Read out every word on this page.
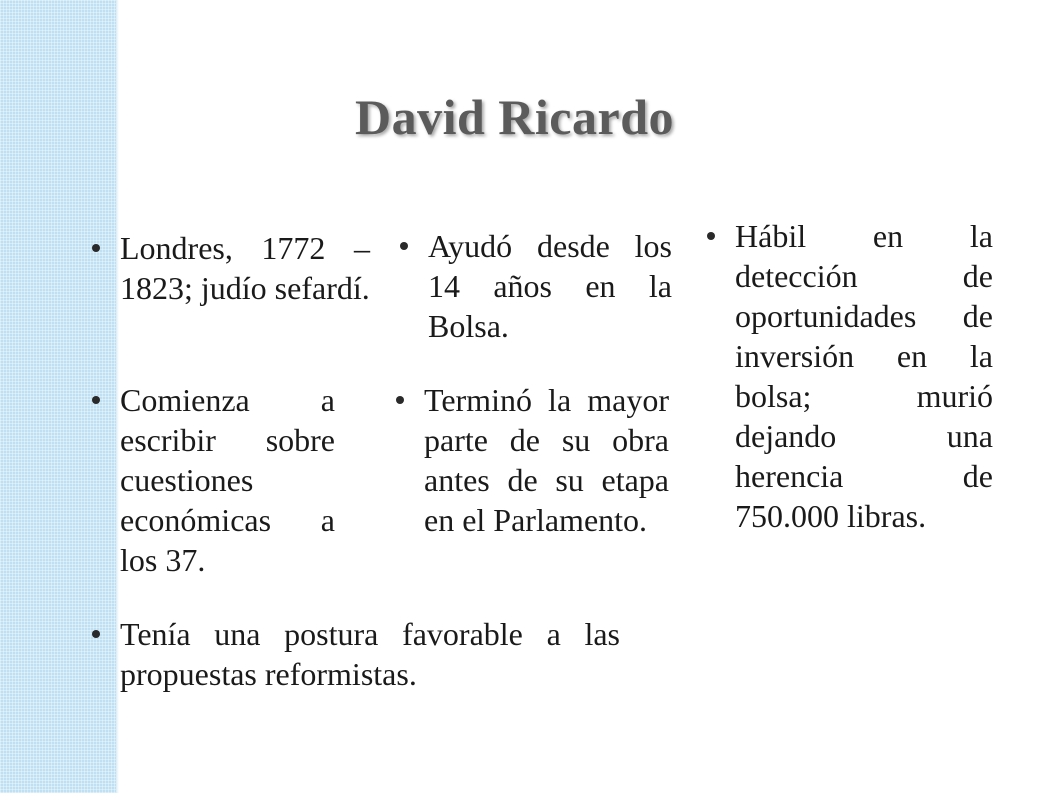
David Ricardo
Londres, 1772 – 1823; judío sefardí.
Ayudó desde los 14 años en la Bolsa.
Hábil en la detección de oportunidades de inversión en la bolsa; murió dejando una herencia de 750.000 libras.
Comienza a escribir sobre cuestiones económicas a los 37.
Terminó la mayor parte de su obra antes de su etapa en el Parlamento.
Tenía una postura favorable a las propuestas reformistas.
